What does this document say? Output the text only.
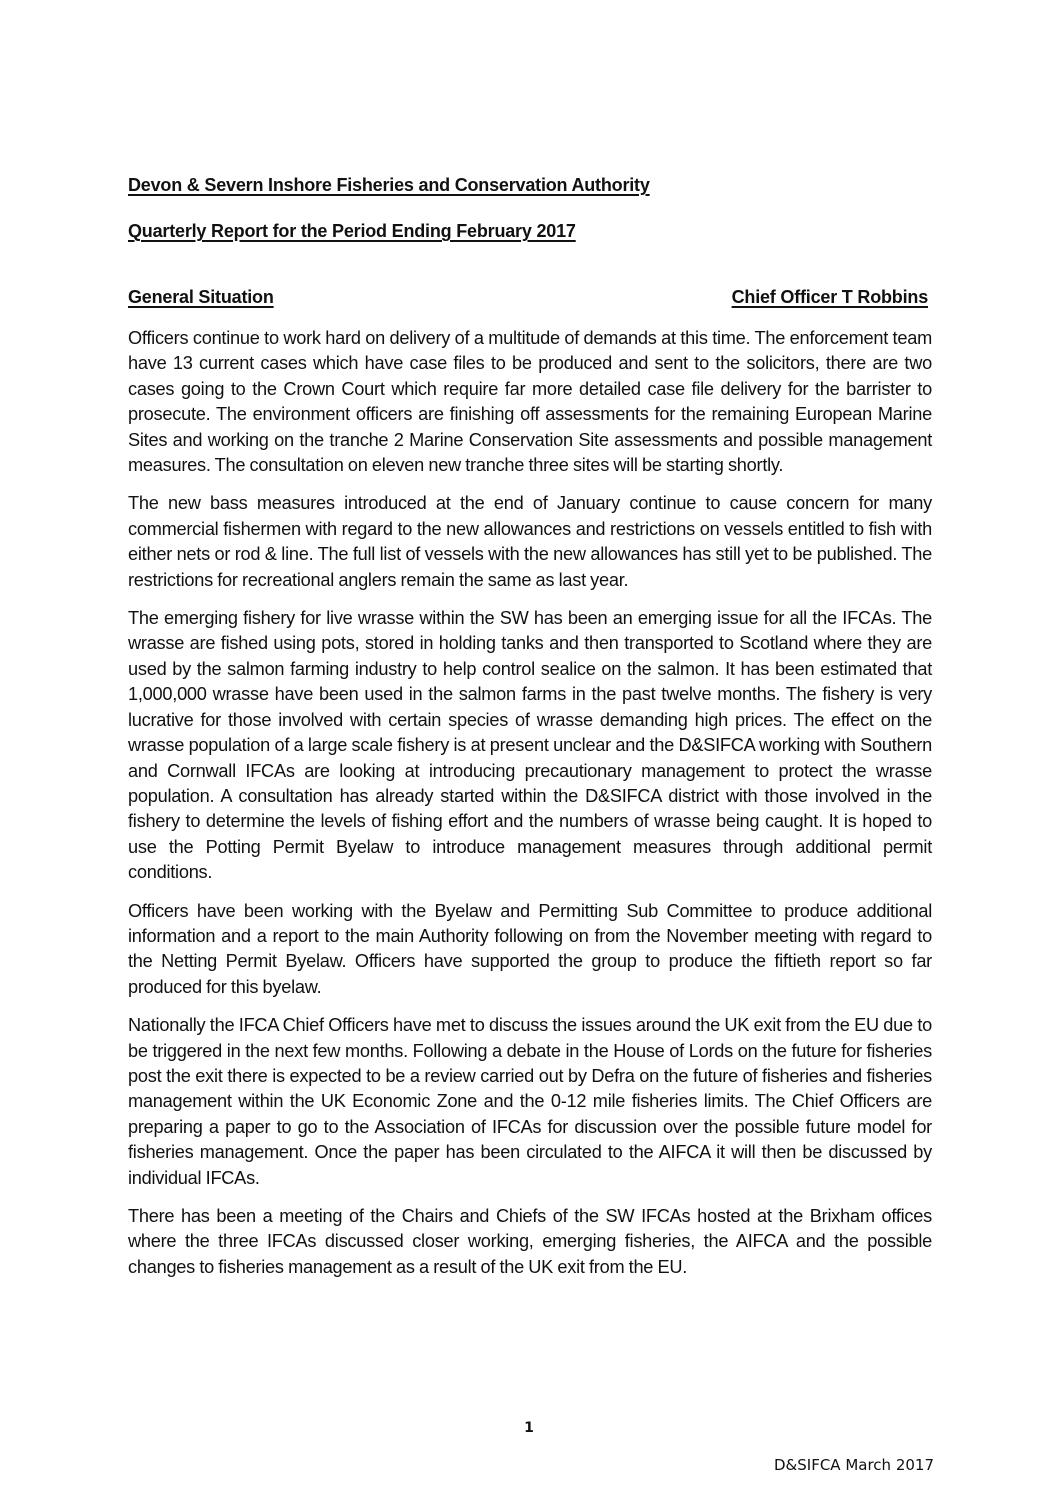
Devon & Severn Inshore Fisheries and Conservation Authority
Quarterly Report for the Period Ending February 2017
General Situation	Chief Officer T Robbins

Officers continue to work hard on delivery of a multitude of demands at this time. The enforcement team have 13 current cases which have case files to be produced and sent to the solicitors, there are two cases going to the Crown Court which require far more detailed case file delivery for the barrister to prosecute. The environment officers are finishing off assessments for the remaining European Marine Sites and working on the tranche 2 Marine Conservation Site assessments and possible management measures. The consultation on eleven new tranche three sites will be starting shortly.

The new bass measures introduced at the end of January continue to cause concern for many commercial fishermen with regard to the new allowances and restrictions on vessels entitled to fish with either nets or rod & line. The full list of vessels with the new allowances has still yet to be published. The restrictions for recreational anglers remain the same as last year.

The emerging fishery for live wrasse within the SW has been an emerging issue for all the IFCAs. The wrasse are fished using pots, stored in holding tanks and then transported to Scotland where they are used by the salmon farming industry to help control sealice on the salmon. It has been estimated that 1,000,000 wrasse have been used in the salmon farms in the past twelve months. The fishery is very lucrative for those involved with certain species of wrasse demanding high prices. The effect on the wrasse population of a large scale fishery is at present unclear and the D&SIFCA working with Southern and Cornwall IFCAs are looking at introducing precautionary management to protect the wrasse population. A consultation has already started within the D&SIFCA district with those involved in the fishery to determine the levels of fishing effort and the numbers of wrasse being caught. It is hoped to use the Potting Permit Byelaw to introduce management measures through additional permit conditions.

Officers have been working with the Byelaw and Permitting Sub Committee to produce additional information and a report to the main Authority following on from the November meeting with regard to the Netting Permit Byelaw. Officers have supported the group to produce the fiftieth report so far produced for this byelaw.

Nationally the IFCA Chief Officers have met to discuss the issues around the UK exit from the EU due to be triggered in the next few months. Following a debate in the House of Lords on the future for fisheries post the exit there is expected to be a review carried out by Defra on the future of fisheries and fisheries management within the UK Economic Zone and the 0-12 mile fisheries limits. The Chief Officers are preparing a paper to go to the Association of IFCAs for discussion over the possible future model for fisheries management. Once the paper has been circulated to the AIFCA it will then be discussed by individual IFCAs.

There has been a meeting of the Chairs and Chiefs of the SW IFCAs hosted at the Brixham offices where the three IFCAs discussed closer working, emerging fisheries, the AIFCA and the possible changes to fisheries management as a result of the UK exit from the EU.

1
D&SIFCA March 2017
